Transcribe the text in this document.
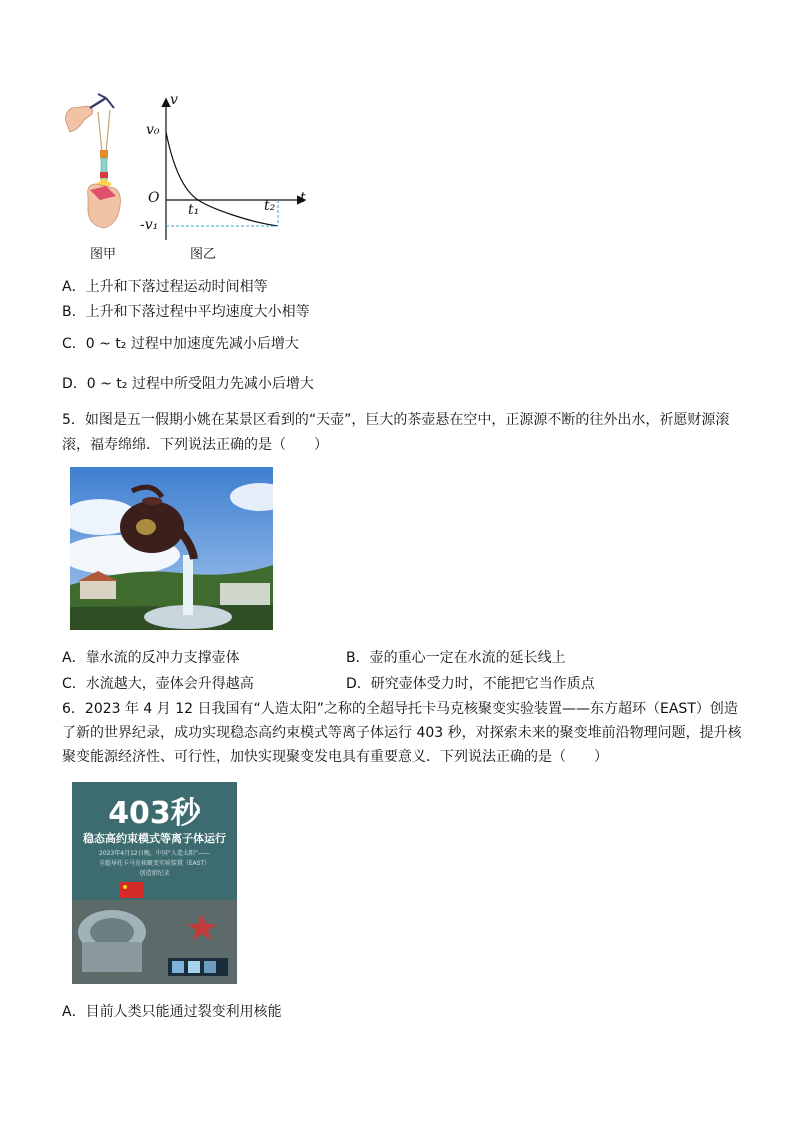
图甲
v
v₀
O
t₁	t₂ t
-v₁
图乙
A．上升和下落过程运动时间相等
B．上升和下落过程中平均速度大小相等
C．0 ~ t₂ 过程中加速度先减小后增大
D．0 ~ t₂ 过程中所受阻力先减小后增大
5．如图是五一假期小姚在某景区看到的“天壶”，巨大的茶壶悬在空中，正源源不断的往外出水，祈愿财源滚
滚，福寿绵绵．下列说法正确的是（　　）
A．靠水流的反冲力支撑壶体	B．壶的重心一定在水流的延长线上
C．水流越大，壶体会升得越高	D．研究壶体受力时，不能把它当作质点
6．2023 年 4 月 12 日我国有“人造太阳”之称的全超导托卡马克核聚变实验装置——东方超环（EAST）创造
了新的世界纪录，成功实现稳态高约束模式等离子体运行 403 秒，对探索未来的聚变堆前沿物理问题，提升核
聚变能源经济性、可行性，加快实现聚变发电具有重要意义．下列说法正确的是（　　）
403秒
稳态高约束模式等离子体运行
2023年4月12日晚，中国“人造太阳”——
全超导托卡马克核聚变实验装置（EAST）
创造新纪录
A．目前人类只能通过裂变利用核能
